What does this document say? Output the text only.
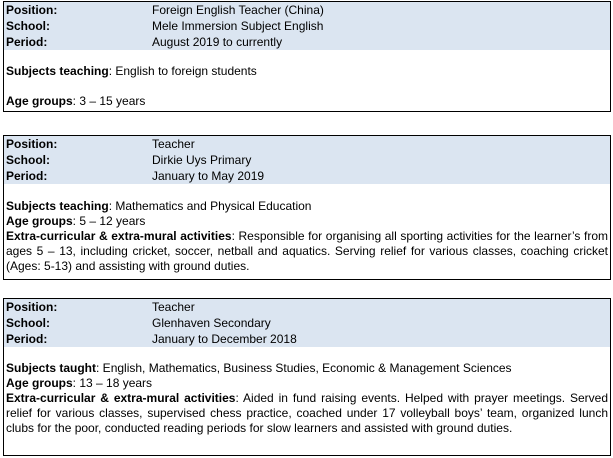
Position:	Foreign English Teacher (China)
School:	Mele Immersion Subject English
Period:	August 2019 to currently
Subjects teaching: English to foreign students
Age groups: 3 – 15 years
Position:	Teacher
School:	Dirkie Uys Primary
Period:	January to May 2019
Subjects teaching: Mathematics and Physical Education
Age groups: 5 – 12 years
Extra-curricular & extra-mural activities: Responsible for organising all sporting activities for the learner’s from ages 5 – 13, including cricket, soccer, netball and aquatics. Serving relief for various classes, coaching cricket (Ages: 5-13) and assisting with ground duties.
Position:	Teacher
School:	Glenhaven Secondary
Period:	January to December 2018
Subjects taught: English, Mathematics, Business Studies, Economic & Management Sciences
Age groups: 13 – 18 years
Extra-curricular & extra-mural activities: Aided in fund raising events. Helped with prayer meetings. Served relief for various classes, supervised chess practice, coached under 17 volleyball boys’ team, organized lunch clubs for the poor, conducted reading periods for slow learners and assisted with ground duties.
